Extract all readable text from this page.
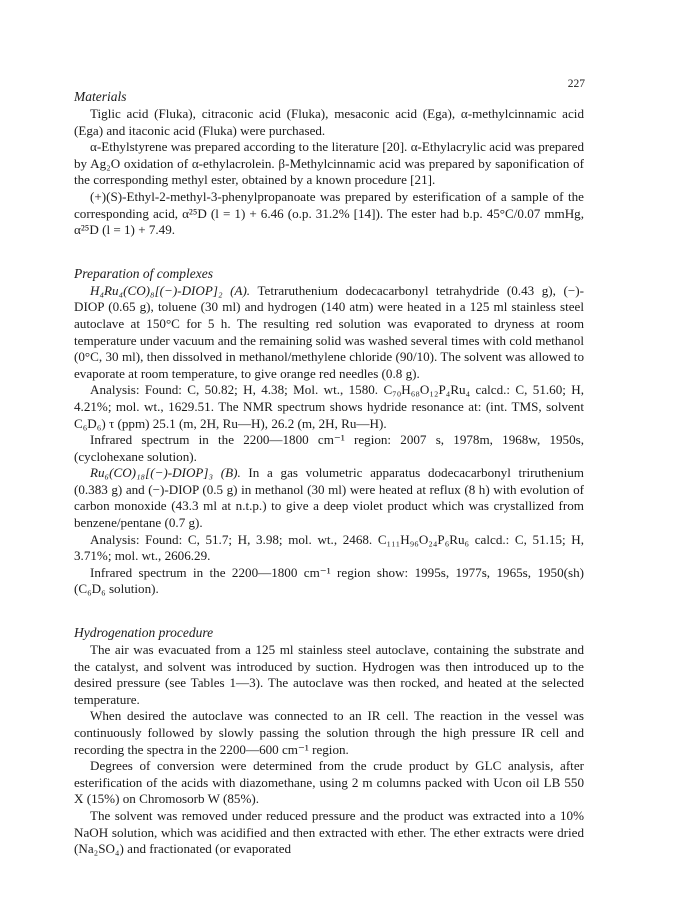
227
Materials

Tiglic acid (Fluka), citraconic acid (Fluka), mesaconic acid (Ega), α-methylcinnamic acid (Ega) and itaconic acid (Fluka) were purchased.

α-Ethylstyrene was prepared according to the literature [20]. α-Ethylacrylic acid was prepared by Ag₂O oxidation of α-ethylacrolein. β-Methylcinnamic acid was prepared by saponification of the corresponding methyl ester, obtained by a known procedure [21].

(+)(S)-Ethyl-2-methyl-3-phenylpropanoate was prepared by esterification of a sample of the corresponding acid, α²⁵D (l = 1) + 6.46 (o.p. 31.2% [14]). The ester had b.p. 45°C/0.07 mmHg, α²⁵D (l = 1) + 7.49.

Preparation of complexes

H₄Ru₄(CO)₈[(−)-DIOP]₂ (A). Tetraruthenium dodecacarbonyl tetrahydride (0.43 g), (−)-DIOP (0.65 g), toluene (30 ml) and hydrogen (140 atm) were heated in a 125 ml stainless steel autoclave at 150°C for 5 h. The resulting red solution was evaporated to dryness at room temperature under vacuum and the remaining solid was washed several times with cold methanol (0°C, 30 ml), then dissolved in methanol/methylene chloride (90/10). The solvent was allowed to evaporate at room temperature, to give orange red needles (0.8 g).

Analysis: Found: C, 50.82; H, 4.38; Mol. wt., 1580. C₇₀H₆₈O₁₂P₄Ru₄ calcd.: C, 51.60; H, 4.21%; mol. wt., 1629.51. The NMR spectrum shows hydride resonance at: (int. TMS, solvent C₆D₆) τ (ppm) 25.1 (m, 2H, Ru—H), 26.2 (m, 2H, Ru—H).

Infrared spectrum in the 2200—1800 cm⁻¹ region: 2007 s, 1978m, 1968w, 1950s, (cyclohexane solution).

Ru₆(CO)₁₈[(−)-DIOP]₃ (B). In a gas volumetric apparatus dodecacarbonyl triruthenium (0.383 g) and (−)-DIOP (0.5 g) in methanol (30 ml) were heated at reflux (8 h) with evolution of carbon monoxide (43.3 ml at n.t.p.) to give a deep violet product which was crystallized from benzene/pentane (0.7 g).

Analysis: Found: C, 51.7; H, 3.98; mol. wt., 2468. C₁₁₁H₉₆O₂₄P₆Ru₆ calcd.: C, 51.15; H, 3.71%; mol. wt., 2606.29.

Infrared spectrum in the 2200—1800 cm⁻¹ region show: 1995s, 1977s, 1965s, 1950(sh) (C₆D₆ solution).

Hydrogenation procedure

The air was evacuated from a 125 ml stainless steel autoclave, containing the substrate and the catalyst, and solvent was introduced by suction. Hydrogen was then introduced up to the desired pressure (see Tables 1—3). The autoclave was then rocked, and heated at the selected temperature.

When desired the autoclave was connected to an IR cell. The reaction in the vessel was continuously followed by slowly passing the solution through the high pressure IR cell and recording the spectra in the 2200—600 cm⁻¹ region.

Degrees of conversion were determined from the crude product by GLC analysis, after esterification of the acids with diazomethane, using 2 m columns packed with Ucon oil LB 550 X (15%) on Chromosorb W (85%).

The solvent was removed under reduced pressure and the product was extracted into a 10% NaOH solution, which was acidified and then extracted with ether. The ether extracts were dried (Na₂SO₄) and fractionated (or evaporated
